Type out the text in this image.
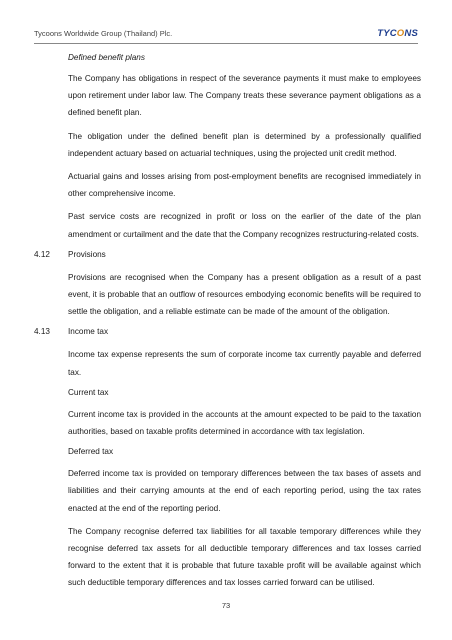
Tycoons Worldwide Group (Thailand) Plc.	TYCONS

Defined benefit plans

The Company has obligations in respect of the severance payments it must make to employees upon retirement under labor law. The Company treats these severance payment obligations as a defined benefit plan.

The obligation under the defined benefit plan is determined by a professionally qualified independent actuary based on actuarial techniques, using the projected unit credit method.

Actuarial gains and losses arising from post-employment benefits are recognised immediately in other comprehensive income.

Past service costs are recognized in profit or loss on the earlier of the date of the plan amendment or curtailment and the date that the Company recognizes restructuring-related costs.

4.12	Provisions

Provisions are recognised when the Company has a present obligation as a result of a past event, it is probable that an outflow of resources embodying economic benefits will be required to settle the obligation, and a reliable estimate can be made of the amount of the obligation.

4.13	Income tax

Income tax expense represents the sum of corporate income tax currently payable and deferred tax.

Current tax

Current income tax is provided in the accounts at the amount expected to be paid to the taxation authorities, based on taxable profits determined in accordance with tax legislation.

Deferred tax

Deferred income tax is provided on temporary differences between the tax bases of assets and liabilities and their carrying amounts at the end of each reporting period, using the tax rates enacted at the end of the reporting period.

The Company recognise deferred tax liabilities for all taxable temporary differences while they recognise deferred tax assets for all deductible temporary differences and tax losses carried forward to the extent that it is probable that future taxable profit will be available against which such deductible temporary differences and tax losses carried forward can be utilised.

73
